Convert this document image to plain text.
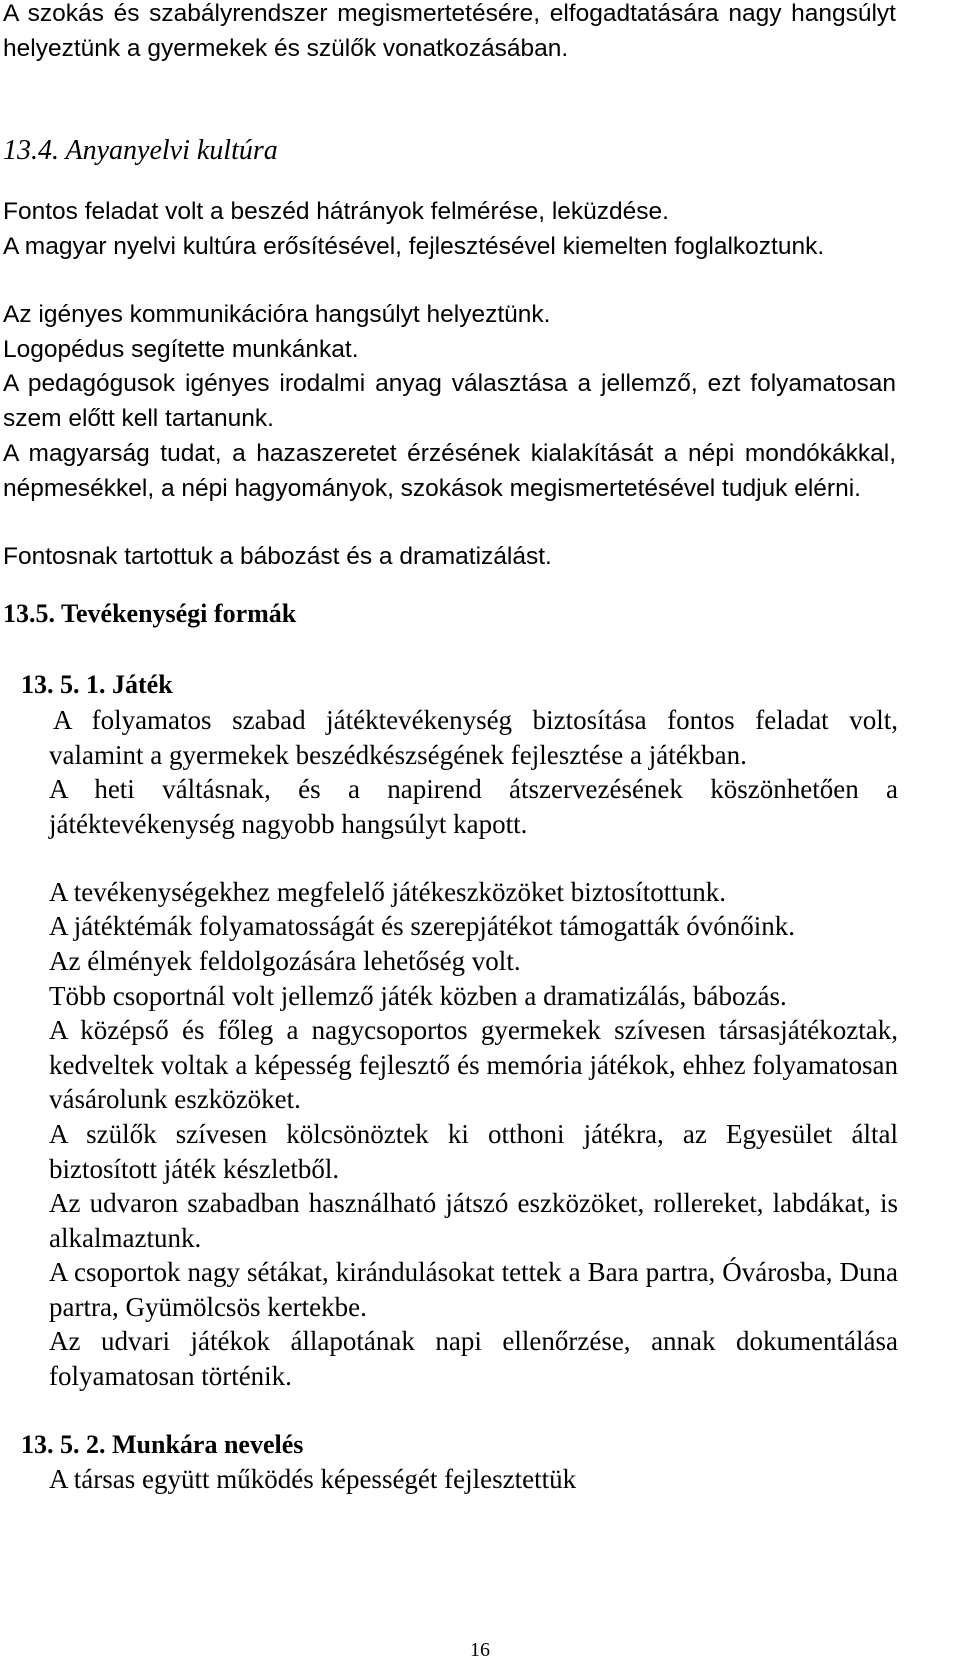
A szokás és szabályrendszer megismertetésére, elfogadtatására nagy hangsúlyt helyeztünk a gyermekek és szülők vonatkozásában.

13.4. Anyanyelvi kultúra

Fontos feladat volt a beszéd hátrányok felmérése, leküzdése.

A magyar nyelvi kultúra erősítésével, fejlesztésével kiemelten foglalkoztunk.

Az igényes kommunikációra hangsúlyt helyeztünk.

Logopédus segítette munkánkat.

A pedagógusok igényes irodalmi anyag választása a jellemző, ezt folyamatosan szem előtt kell tartanunk.

A magyarság tudat, a hazaszeretet érzésének kialakítását a népi mondókákkal, népmesékkel, a népi hagyományok, szokások megismertetésével tudjuk elérni.

Fontosnak tartottuk a bábozást és a dramatizálást.

13.5. Tevékenységi formák

13. 5. 1. Játék

A folyamatos szabad játéktevékenység biztosítása fontos feladat volt, valamint a gyermekek beszédkészségének fejlesztése a játékban.

A heti váltásnak, és a napirend átszervezésének köszönhetően a játéktevékenység nagyobb hangsúlyt kapott.

A tevékenységekhez megfelelő játékeszközöket biztosítottunk.

A játéktémák folyamatosságát és szerepjátékot támogatták óvónőink.

Az élmények feldolgozására lehetőség volt.

Több csoportnál volt jellemző játék közben a dramatizálás, bábozás.

A középső és főleg a nagycsoportos gyermekek szívesen társasjátékoztak, kedveltek voltak a képesség fejlesztő és memória játékok, ehhez folyamatosan vásárolunk eszközöket.

A szülők szívesen kölcsönöztek ki otthoni játékra, az Egyesület által biztosított játék készletből.

Az udvaron szabadban használható játszó eszközöket, rollereket, labdákat, is alkalmaztunk.

A csoportok nagy sétákat, kirándulásokat tettek a Bara partra, Óvárosba, Duna partra, Gyümölcsös kertekbe.

Az udvari játékok állapotának napi ellenőrzése, annak dokumentálása folyamatosan történik.

13. 5. 2. Munkára nevelés

A társas együtt működés képességét fejlesztettük

16
